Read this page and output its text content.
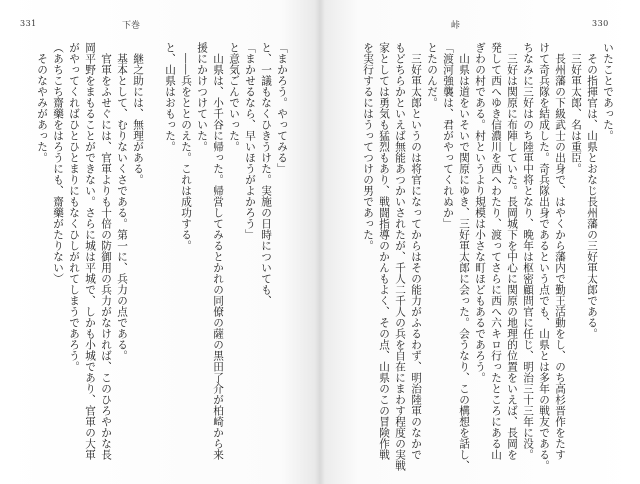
331	下巻
「まかろう。やってみる」
と、一議もなくひきうけた。実施の日時についても、
「まかせるなら、早いほうがよかろう」
と意気ごんでいった。
　山県は、小千谷に帰った。帰営してみるとかれの同僚の薩の黒田了介が柏崎から来
援にかけつけていた。
　――兵をととのえた。これは成功する。
と、山県はおもった。

　継之助には、無理がある。
　基本として、むりないくさである。第一に、兵力の点である。
　官軍をふせぐには、官軍よりも十倍の防御用の兵力がなければ、このひろやかな長
岡平野をまもることができない。さらに城は平城で、しかも小城であり、官軍の大軍
がやってくればひとひとまりにもなくひしがれてしまうであろう。
（あちこち齋藥をはろうにも、齋藥がたりない）
　そのなやみがあった。
峠	330
いたことであった。
　その指揮官は、山県とおなじ長州藩の三好軍太郎である。
　三好軍太郎、名は重臣。
　長州藩の下級武士の出身で、はやくから藩内で勤王活動をし、のち高杉晋作をたす
けて奇兵隊を結成した。奇兵隊出身であるという点でも、山県とは多年の戦友である。
ちなみに三好はのち陸軍中将となり、晩年は枢密顧問官に任じ、明治三十三年に没。
　三好は関原に布陣していた。長岡城下を中心に関原の地理的位置をいえば、長岡を
発して西へゆき信濃川を西へわたり、渡ってさらに西へ六キロ行ったところにある山
ぎわの村である。村というより規模は小さな町ほどもあるであろう。
　山県は道をいそいで関原にゆき、三好軍太郎に会った。会うなり、この構想を話し、
「渡河強襲は、君がやってくれぬか」
とたのんだ。
　三好軍太郎というのは将官になってからはその能力がふるわず、明治陸軍のなかで
もどちらかといえば無能あつかいされたが、千人二千人の兵を自在にまわす程度の実戦
家としては勇気も猛烈もあり、戦闘指導のかんもよく、その点、山県のこの冒険作戦
を実行するにはうってつけの男であった。
